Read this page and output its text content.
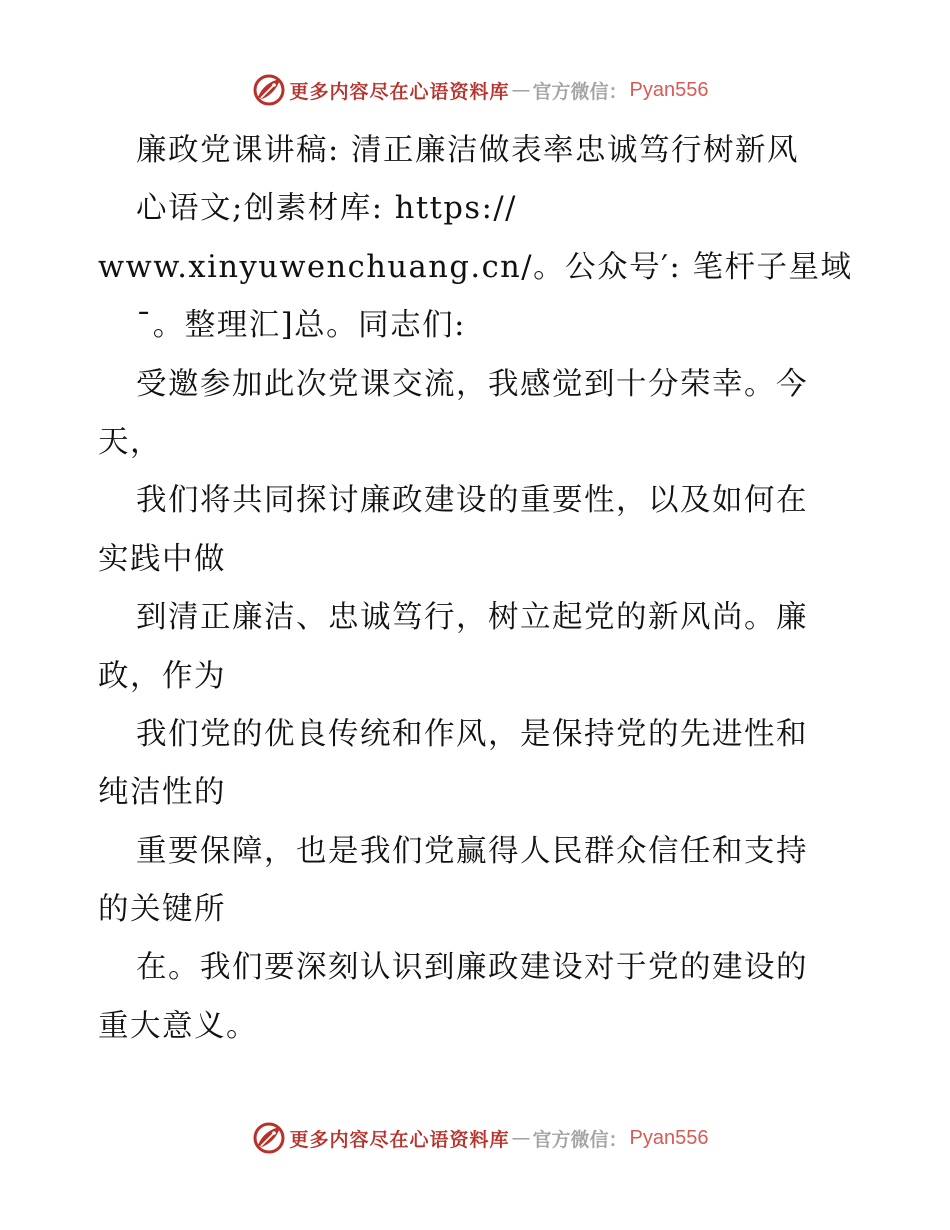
更多内容尽在心语资料库 — 官方微信： Pyan556
廉政党课讲稿: 清正廉洁做表率忠诚笃行树新风
心语文;创素材库: https://
www.xinyuwenchuang.cn/。公众号′: 笔杆子星域
¯。整理汇]总。同志们:
受邀参加此次党课交流，我感觉到十分荣幸。今
天，
我们将共同探讨廉政建设的重要性，以及如何在
实践中做
到清正廉洁、忠诚笃行，树立起党的新风尚。廉
政，作为
我们党的优良传统和作风，是保持党的先进性和
纯洁性的
重要保障，也是我们党赢得人民群众信任和支持
的关键所
在。我们要深刻认识到廉政建设对于党的建设的
重大意义。
更多内容尽在心语资料库 — 官方微信： Pyan556
